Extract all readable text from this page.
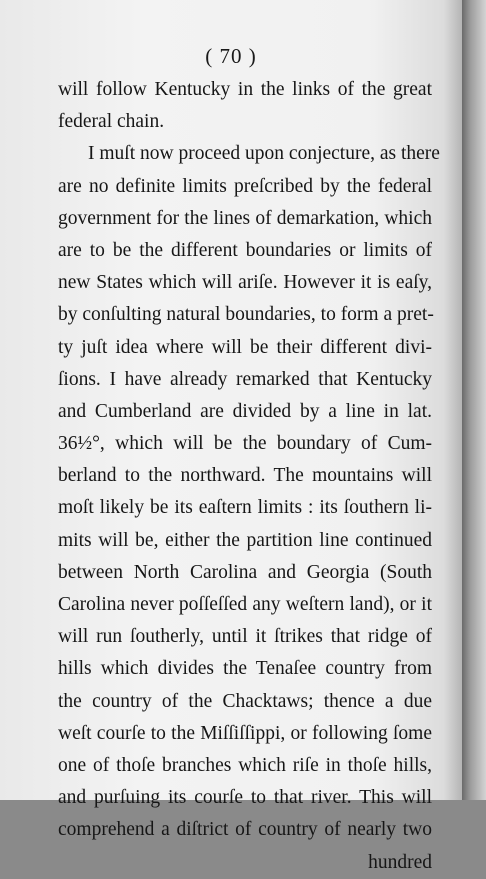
( 70 )
will follow Kentucky in the links of the great
federal chain.
I muſt now proceed upon conjecture, as there
are no definite limits preſcribed by the federal
government for the lines of demarkation, which
are to be the different boundaries or limits of
new States which will ariſe. However it is eaſy,
by conſulting natural boundaries, to form a pret-
ty juſt idea where will be their different divi-
ſions. I have already remarked that Kentucky
and Cumberland are divided by a line in lat.
36½°, which will be the boundary of Cum-
berland to the northward. The mountains will
moſt likely be its eaſtern limits : its ſouthern li-
mits will be, either the partition line continued
between North Carolina and Georgia (South
Carolina never poſſeſſed any weſtern land), or it
will run ſoutherly, until it ſtrikes that ridge of
hills which divides the Tenaſee country from
the country of the Chacktaws; thence a due
weſt courſe to the Miſſiſſippi, or following ſome
one of thoſe branches which riſe in thoſe hills,
and purſuing its courſe to that river. This will
comprehend a diſtrict of country of nearly two
hundred
